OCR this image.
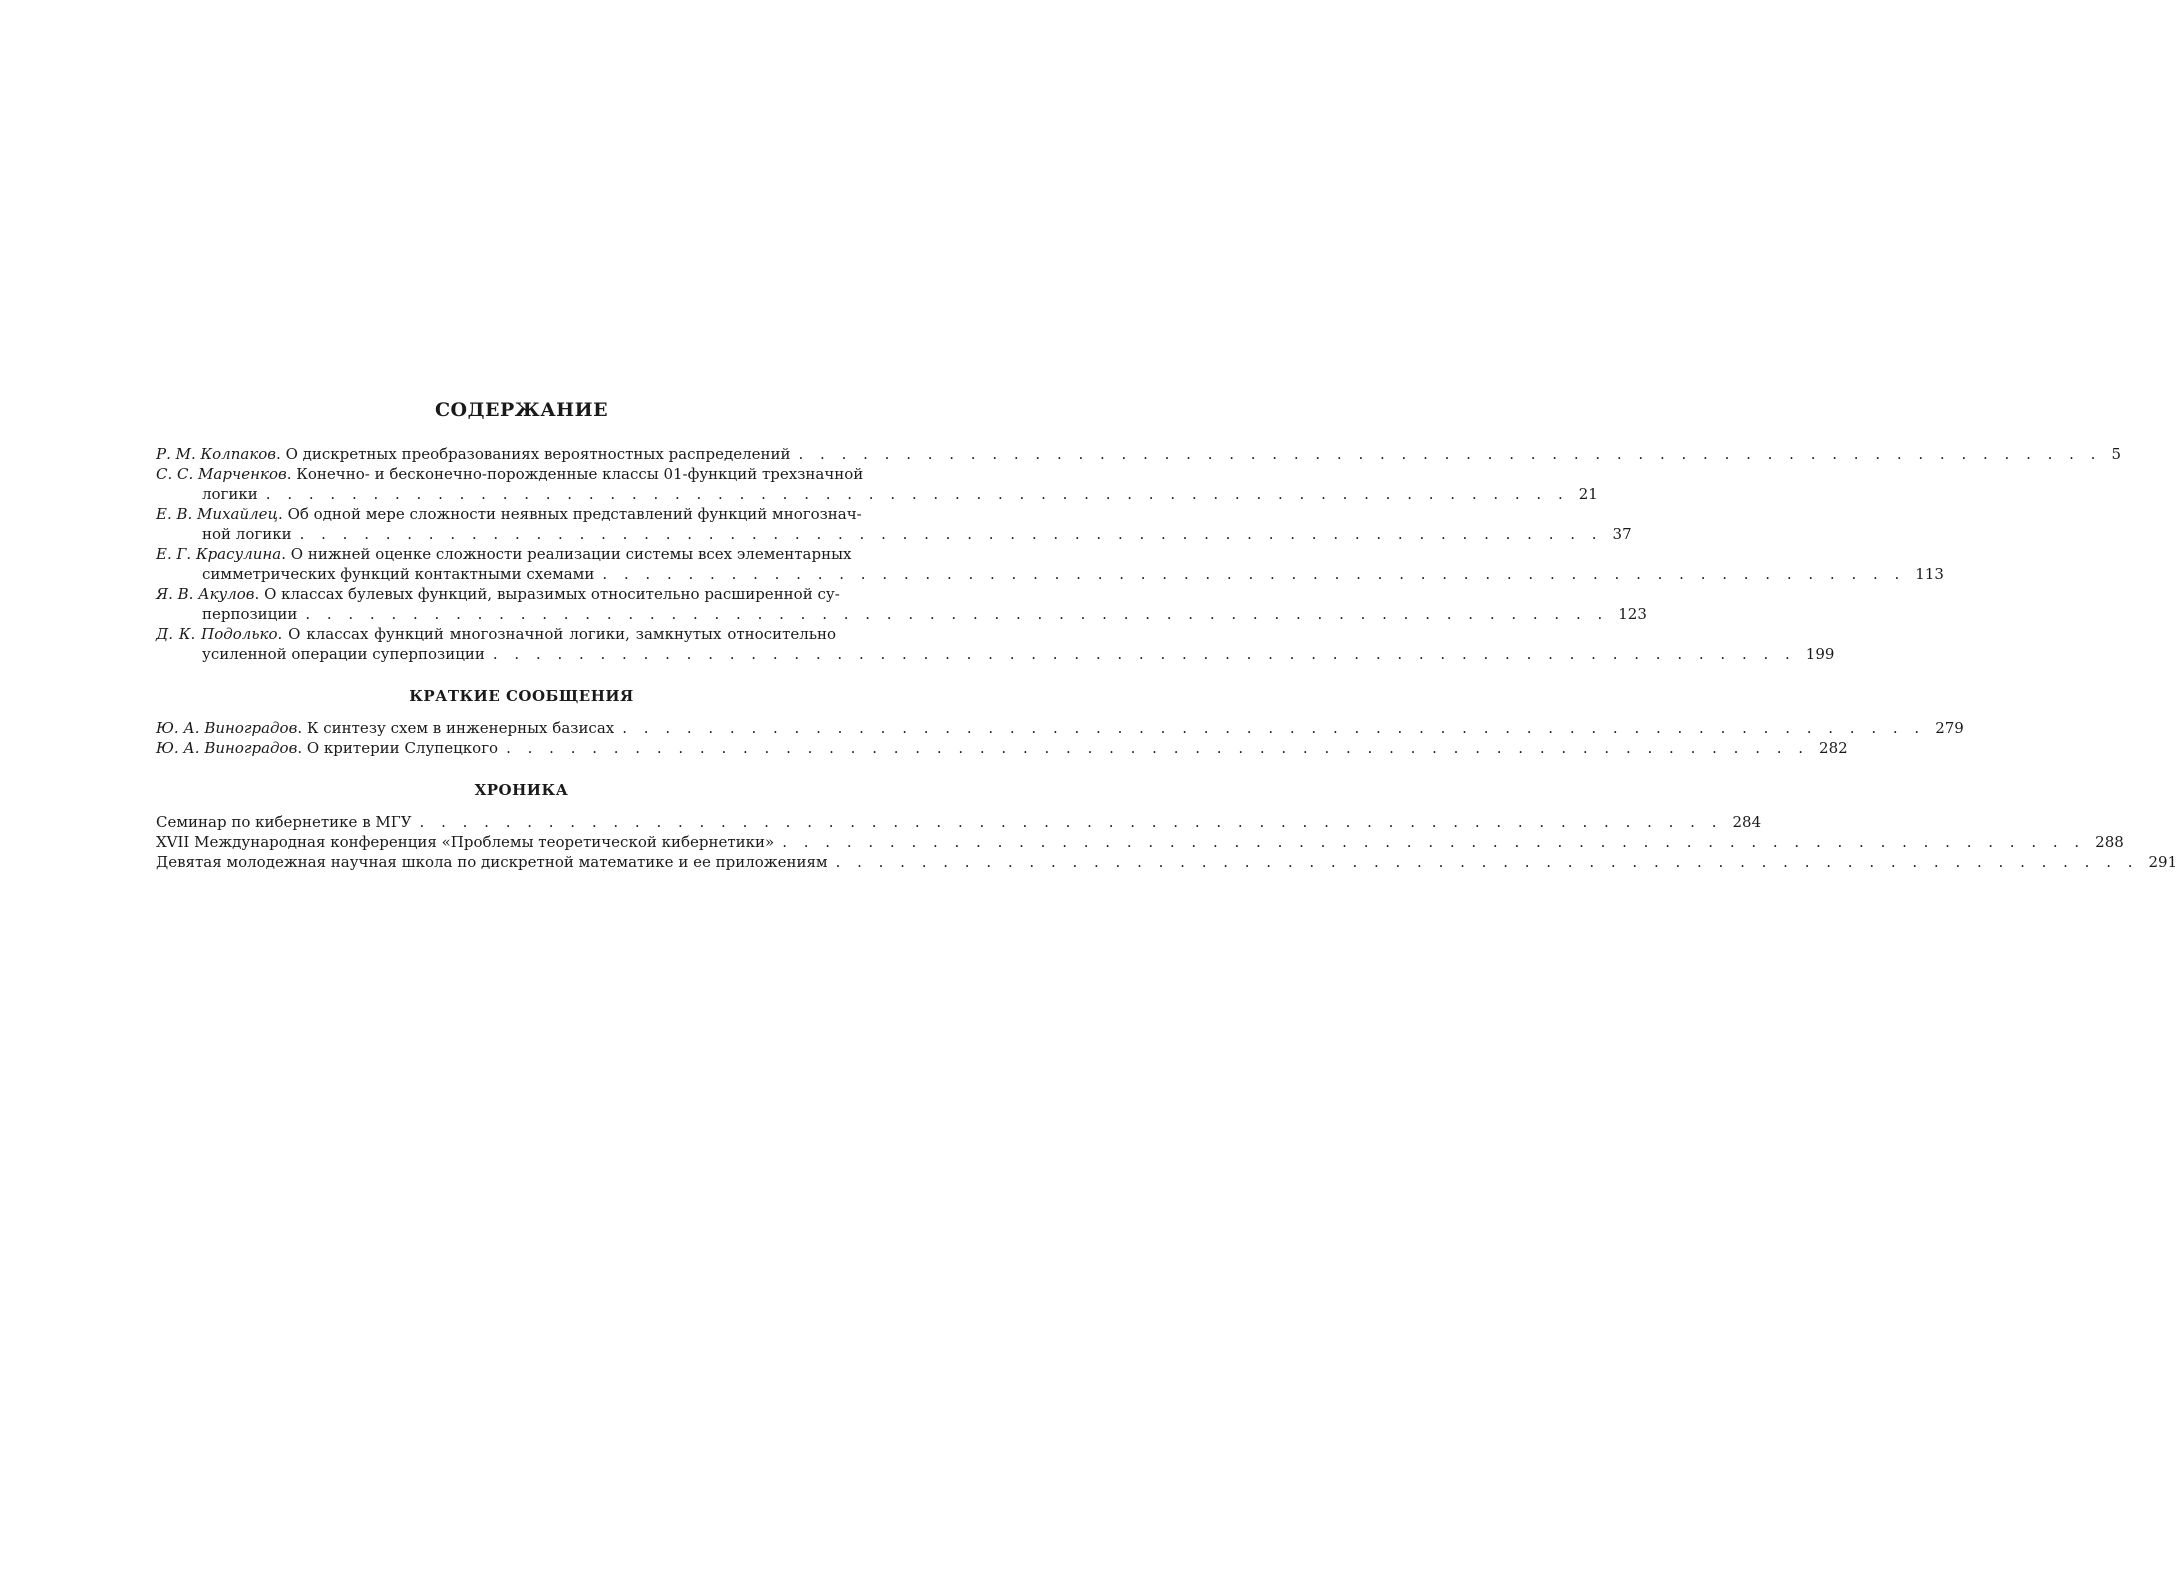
СОДЕРЖАНИЕ
Р. М. Колпаков. О дискретных преобразованиях вероятностных распределений . . . . . . . . . . . . . . . . . . . . . . . . . . . . . . . . . . . . . . . . . . . . . . . . . . . . . . . . . . . . . 5
С. С. Марченков. Конечно- и бесконечно-порожденные классы 01-функций трехзначной
логики . . . . . . . . . . . . . . . . . . . . . . . . . . . . . . . . . . . . . . . . . . . . . . . . . . . . . . . . . . . . . 21
Е. В. Михайлец. Об одной мере сложности неявных представлений функций многознач-
ной логики . . . . . . . . . . . . . . . . . . . . . . . . . . . . . . . . . . . . . . . . . . . . . . . . . . . . . . . . . . . . . 37
Е. Г. Красулина. О нижней оценке сложности реализации системы всех элементарных
симметрических функций контактными схемами . . . . . . . . . . . . . . . . . . . . . . . . . . . . . . . . . . . . . . . . . . . . . . . . . . . . . . . . . . . . . 113
Я. В. Акулов. О классах булевых функций, выразимых относительно расширенной су-
перпозиции . . . . . . . . . . . . . . . . . . . . . . . . . . . . . . . . . . . . . . . . . . . . . . . . . . . . . . . . . . . . . 123
Д. К. Подолько. О классах функций многозначной логики, замкнутых относительно
усиленной операции суперпозиции . . . . . . . . . . . . . . . . . . . . . . . . . . . . . . . . . . . . . . . . . . . . . . . . . . . . . . . . . . . . . 199
КРАТКИЕ СООБЩЕНИЯ
Ю. А. Виноградов. К синтезу схем в инженерных базисах . . . . . . . . . . . . . . . . . . . . . . . . . . . . . . . . . . . . . . . . . . . . . . . . . . . . . . . . . . . . . 279
Ю. А. Виноградов. О критерии Слупецкого . . . . . . . . . . . . . . . . . . . . . . . . . . . . . . . . . . . . . . . . . . . . . . . . . . . . . . . . . . . . . 282
ХРОНИКА
Семинар по кибернетике в МГУ . . . . . . . . . . . . . . . . . . . . . . . . . . . . . . . . . . . . . . . . . . . . . . . . . . . . . . . . . . . . . 284
XVII Международная конференция «Проблемы теоретической кибернетики» . . . . . . . . . . . . . . . . . . . . . . . . . . . . . . . . . . . . . . . . . . . . . . . . . . . . . . . . . . . . . 288
Девятая молодежная научная школа по дискретной математике и ее приложениям . . . . . . . . . . . . . . . . . . . . . . . . . . . . . . . . . . . . . . . . . . . . . . . . . . . . . . . . . . . . . 291
